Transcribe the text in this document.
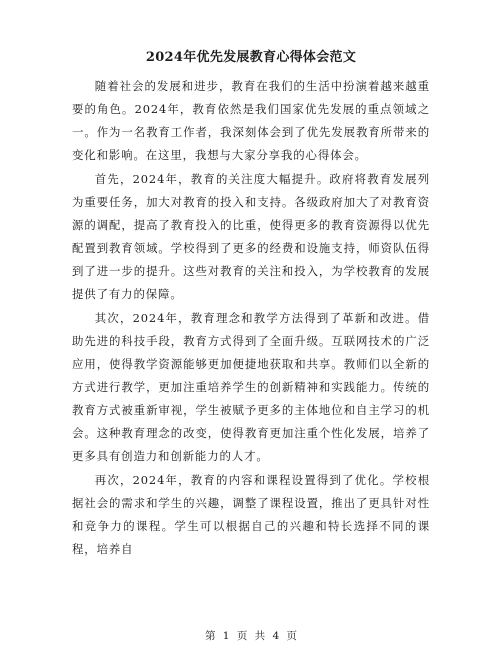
2024年优先发展教育心得体会范文

随着社会的发展和进步，教育在我们的生活中扮演着越来越重要的角色。2024年，教育依然是我们国家优先发展的重点领域之一。作为一名教育工作者，我深刻体会到了优先发展教育所带来的变化和影响。在这里，我想与大家分享我的心得体会。

首先，2024年，教育的关注度大幅提升。政府将教育发展列为重要任务，加大对教育的投入和支持。各级政府加大了对教育资源的调配，提高了教育投入的比重，使得更多的教育资源得以优先配置到教育领域。学校得到了更多的经费和设施支持，师资队伍得到了进一步的提升。这些对教育的关注和投入，为学校教育的发展提供了有力的保障。

其次，2024年，教育理念和教学方法得到了革新和改进。借助先进的科技手段，教育方式得到了全面升级。互联网技术的广泛应用，使得教学资源能够更加便捷地获取和共享。教师们以全新的方式进行教学，更加注重培养学生的创新精神和实践能力。传统的教育方式被重新审视，学生被赋予更多的主体地位和自主学习的机会。这种教育理念的改变，使得教育更加注重个性化发展，培养了更多具有创造力和创新能力的人才。

再次，2024年，教育的内容和课程设置得到了优化。学校根据社会的需求和学生的兴趣，调整了课程设置，推出了更具针对性和竞争力的课程。学生可以根据自己的兴趣和特长选择不同的课程，培养自

第 1 页 共 4 页
